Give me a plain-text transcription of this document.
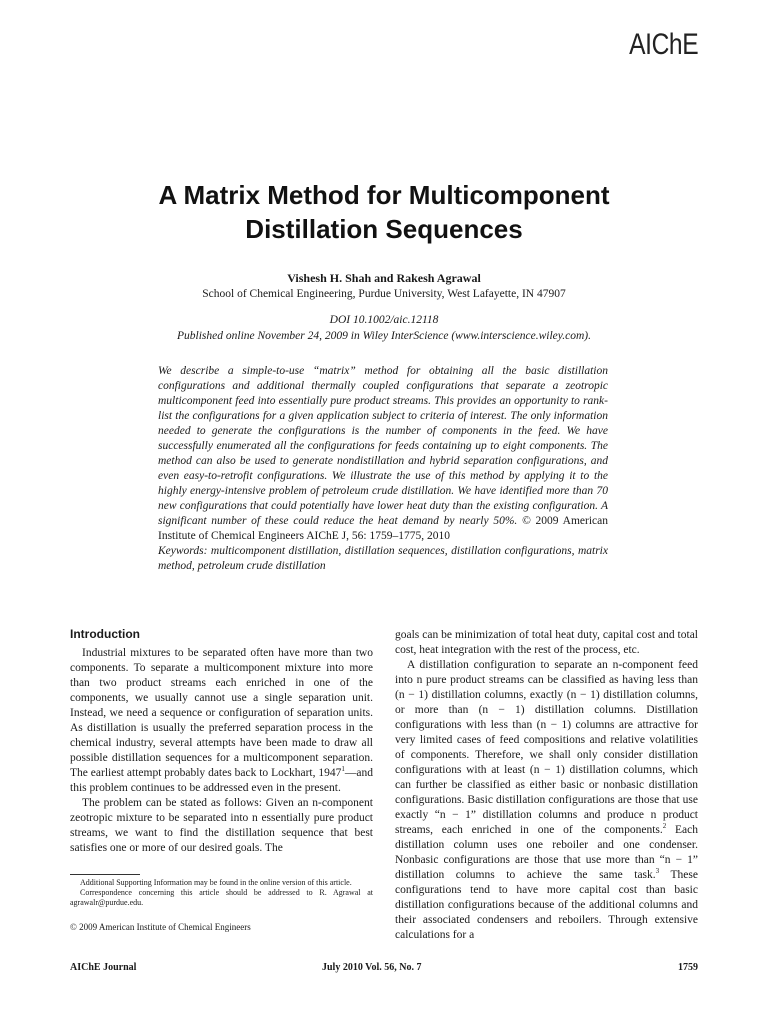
AIChE
A Matrix Method for Multicomponent
Distillation Sequences
Vishesh H. Shah and Rakesh Agrawal
School of Chemical Engineering, Purdue University, West Lafayette, IN 47907
DOI 10.1002/aic.12118
Published online November 24, 2009 in Wiley InterScience (www.interscience.wiley.com).

We describe a simple-to-use “matrix” method for obtaining all the basic distillation configurations and additional thermally coupled configurations that separate a zeotropic multicomponent feed into essentially pure product streams. This provides an opportunity to rank-list the configurations for a given application subject to criteria of interest. The only information needed to generate the configurations is the number of components in the feed. We have successfully enumerated all the configurations for feeds containing up to eight components. The method can also be used to generate nondistillation and hybrid separation configurations, and even easy-to-retrofit configurations. We illustrate the use of this method by applying it to the highly energy-intensive problem of petroleum crude distillation. We have identified more than 70 new configurations that could potentially have lower heat duty than the existing configuration. A significant number of these could reduce the heat demand by nearly 50%. © 2009 American Institute of Chemical Engineers AIChE J, 56: 1759–1775, 2010

Keywords: multicomponent distillation, distillation sequences, distillation configurations, matrix method, petroleum crude distillation

Introduction

Industrial mixtures to be separated often have more than two components. To separate a multicomponent mixture into more than two product streams each enriched in one of the components, we usually cannot use a single separation unit. Instead, we need a sequence or configuration of separation units. As distillation is usually the preferred separation process in the chemical industry, several attempts have been made to draw all possible distillation sequences for a multicomponent separation. The earliest attempt probably dates back to Lockhart, 1947$^1$—and this problem continues to be addressed even in the present.

The problem can be stated as follows: Given an n-component zeotropic mixture to be separated into n essentially pure product streams, we want to find the distillation sequence that best satisfies one or more of our desired goals. The

goals can be minimization of total heat duty, capital cost and total cost, heat integration with the rest of the process, etc.

A distillation configuration to separate an n-component feed into n pure product streams can be classified as having less than (n − 1) distillation columns, exactly (n − 1) distillation columns, or more than (n − 1) distillation columns. Distillation configurations with less than (n − 1) columns are attractive for very limited cases of feed compositions and relative volatilities of components. Therefore, we shall only consider distillation configurations with at least (n − 1) distillation columns, which can further be classified as either basic or nonbasic distillation configurations. Basic distillation configurations are those that use exactly “n − 1” distillation columns and produce n product streams, each enriched in one of the components.$^2$ Each distillation column uses one reboiler and one condenser. Nonbasic configurations are those that use more than “n − 1” distillation columns to achieve the same task.$^3$ These configurations tend to have more capital cost than basic distillation configurations because of the additional columns and their associated condensers and reboilers. Through extensive calculations for a

Additional Supporting Information may be found in the online version of this article.

Correspondence concerning this article should be addressed to R. Agrawal at agrawalr@purdue.edu.

© 2009 American Institute of Chemical Engineers
AIChE Journal	July 2010 Vol. 56, No. 7	1759
